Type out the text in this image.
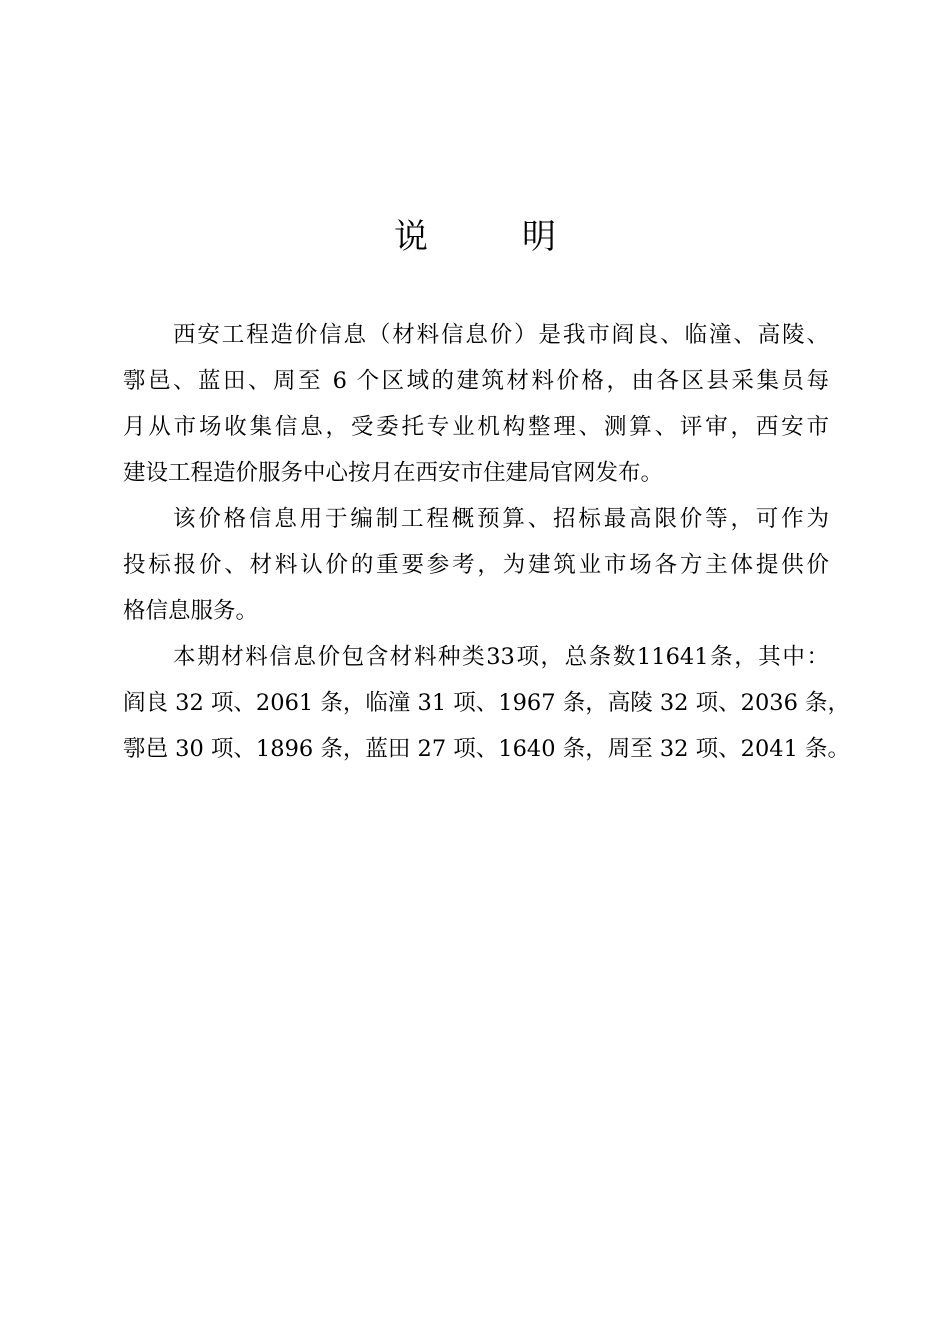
说　明

西安工程造价信息（材料信息价）是我市阎良、临潼、高陵、
鄠邑、蓝田、周至 6 个区域的建筑材料价格，由各区县采集员每
月从市场收集信息，受委托专业机构整理、测算、评审，西安市
建设工程造价服务中心按月在西安市住建局官网发布。

该价格信息用于编制工程概预算、招标最高限价等，可作为
投标报价、材料认价的重要参考，为建筑业市场各方主体提供价
格信息服务。

本期材料信息价包含材料种类33项，总条数11641条，其中：
阎良 32 项、2061 条，临潼 31 项、1967 条，高陵 32 项、2036 条，
鄠邑 30 项、1896 条，蓝田 27 项、1640 条，周至 32 项、2041 条。
